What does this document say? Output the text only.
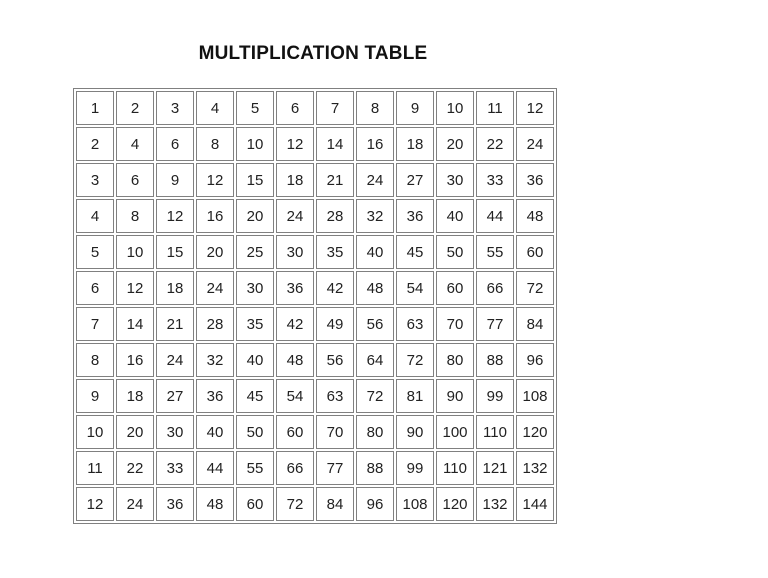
MULTIPLICATION TABLE
1	2	3	4	5	6	7	8	9	10	11	12
2	4	6	8	10	12	14	16	18	20	22	24
3	6	9	12	15	18	21	24	27	30	33	36
4	8	12	16	20	24	28	32	36	40	44	48
5	10	15	20	25	30	35	40	45	50	55	60
6	12	18	24	30	36	42	48	54	60	66	72
7	14	21	28	35	42	49	56	63	70	77	84
8	16	24	32	40	48	56	64	72	80	88	96
9	18	27	36	45	54	63	72	81	90	99	108
10	20	30	40	50	60	70	80	90	100	110	120
11	22	33	44	55	66	77	88	99	110	121	132
12	24	36	48	60	72	84	96	108	120	132	144
